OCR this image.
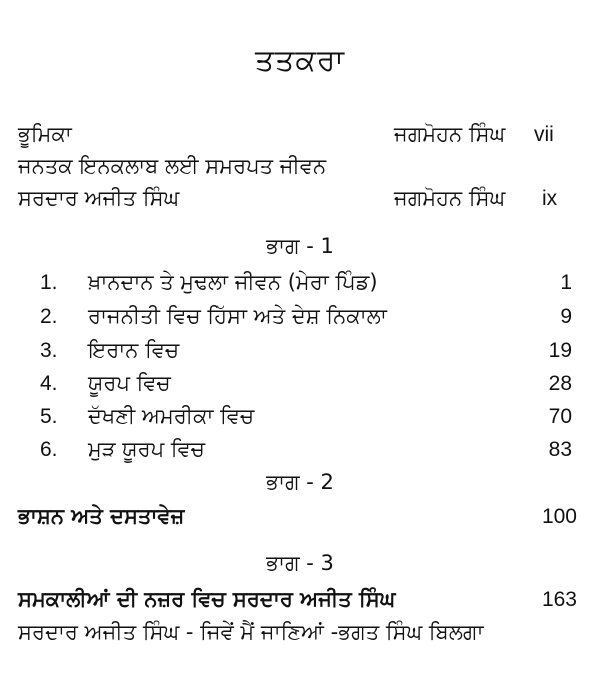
ਤਤਕਰਾ
ਭੂਮਿਕਾ	ਜਗਮੋਹਨ ਸਿੰਘ vii
ਜਨਤਕ ਇਨਕਲਾਬ ਲਈ ਸਮਰਪਤ ਜੀਵਨ
ਸਰਦਾਰ ਅਜੀਤ ਸਿੰਘ	ਜਗਮੋਹਨ ਸਿੰਘ ix
ਭਾਗ - 1
1. ਖ਼ਾਨਦਾਨ ਤੇ ਮੁਢਲਾ ਜੀਵਨ (ਮੇਰਾ ਪਿੰਡ)	1
2. ਰਾਜਨੀਤੀ ਵਿਚ ਹਿੱਸਾ ਅਤੇ ਦੇਸ਼ ਨਿਕਾਲਾ	9
3. ਇਰਾਨ ਵਿਚ	19
4. ਯੂਰਪ ਵਿਚ	28
5. ਦੱਖਣੀ ਅਮਰੀਕਾ ਵਿਚ	70
6. ਮੁੜ ਯੂਰਪ ਵਿਚ	83
ਭਾਗ - 2
ਭਾਸ਼ਨ ਅਤੇ ਦਸਤਾਵੇਜ਼	100
ਭਾਗ - 3
ਸਮਕਾਲੀਆਂ ਦੀ ਨਜ਼ਰ ਵਿਚ ਸਰਦਾਰ ਅਜੀਤ ਸਿੰਘ	163
ਸਰਦਾਰ ਅਜੀਤ ਸਿੰਘ - ਜਿਵੇਂ ਮੈਂ ਜਾਣਿਆਂ -ਭਗਤ ਸਿੰਘ ਬਿਲਗਾ
